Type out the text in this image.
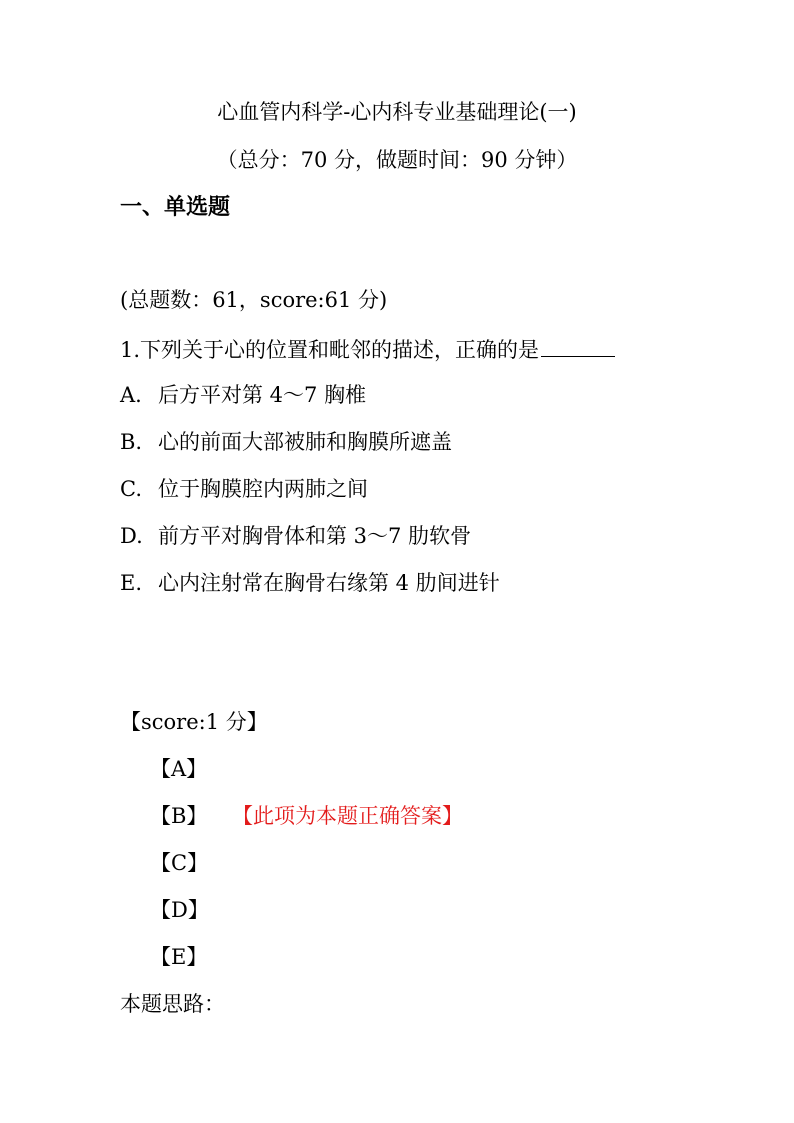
心血管内科学-心内科专业基础理论(一)
（总分：70 分，做题时间：90 分钟）
一、单选题
(总题数：61，score:61 分)
1.下列关于心的位置和毗邻的描述，正确的是
A. 后方平对第 4～7 胸椎
B. 心的前面大部被肺和胸膜所遮盖
C. 位于胸膜腔内两肺之间
D. 前方平对胸骨体和第 3～7 肋软骨
E. 心内注射常在胸骨右缘第 4 肋间进针
【score:1 分】
【A】
【B】 【此项为本题正确答案】
【C】
【D】
【E】
本题思路：
